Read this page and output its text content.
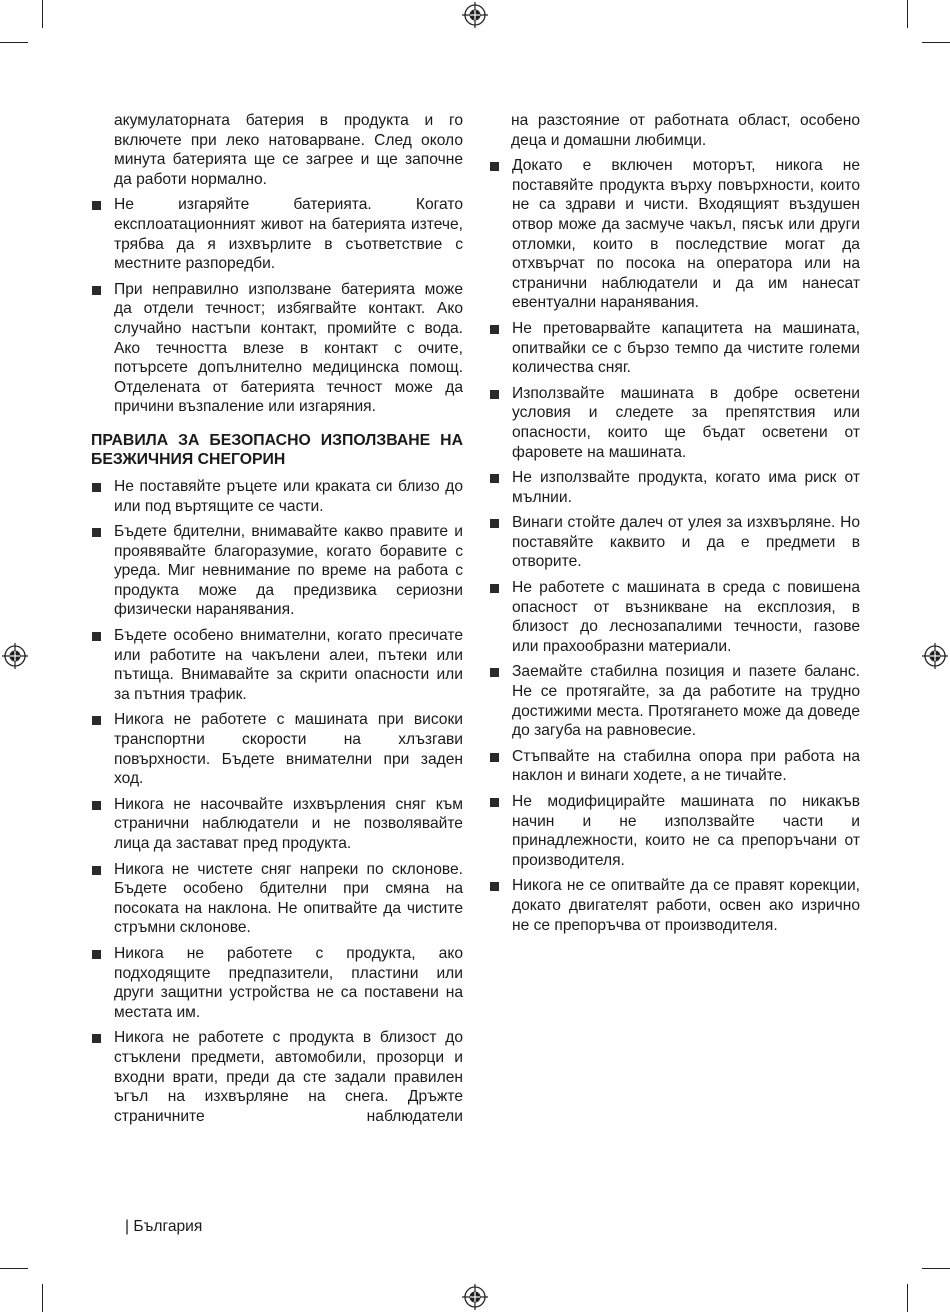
акумулаторната батерия в продукта и го включете при леко натоварване. След около минута батерията ще се загрее и ще започне да работи нормално.
Не изгаряйте батерията. Когато експлоатационният живот на батерията изтече, трябва да я изхвърлите в съответствие с местните разпоредби.
При неправилно използване батерията може да отдели течност; избягвайте контакт. Ако случайно настъпи контакт, промийте с вода. Ако течността влезе в контакт с очите, потърсете допълнително медицинска помощ. Отделената от батерията течност може да причини възпаление или изгаряния.
ПРАВИЛА ЗА БЕЗОПАСНО ИЗПОЛЗВАНЕ НА БЕЗЖИЧНИЯ СНЕГОРИН
Не поставяйте ръцете или краката си близо до или под въртящите се части.
Бъдете бдителни, внимавайте какво правите и проявявайте благоразумие, когато боравите с уреда. Миг невнимание по време на работа с продукта може да предизвика сериозни физически наранявания.
Бъдете особено внимателни, когато пресичате или работите на чакълени алеи, пътеки или пътища. Внимавайте за скрити опасности или за пътния трафик.
Никога не работете с машината при високи транспортни скорости на хлъзгави повърхности. Бъдете внимателни при заден ход.
Никога не насочвайте изхвърления сняг към странични наблюдатели и не позволявайте лица да застават пред продукта.
Никога не чистете сняг напреки по склонове. Бъдете особено бдителни при смяна на посоката на наклона. Не опитвайте да чистите стръмни склонове.
Никога не работете с продукта, ако подходящите предпазители, пластини или други защитни устройства не са поставени на местата им.
Никога не работете с продукта в близост до стъклени предмети, автомобили, прозорци и входни врати, преди да сте задали правилен ъгъл на изхвърляне на снега. Дръжте страничните наблюдатели
на разстояние от работната област, особено деца и домашни любимци.
Докато е включен моторът, никога не поставяйте продукта върху повърхности, които не са здрави и чисти. Входящият въздушен отвор може да засмуче чакъл, пясък или други отломки, които в последствие могат да отхвърчат по посока на оператора или на странични наблюдатели и да им нанесат евентуални наранявания.
Не претоварвайте капацитета на машината, опитвайки се с бързо темпо да чистите големи количества сняг.
Използвайте машината в добре осветени условия и следете за препятствия или опасности, които ще бъдат осветени от фаровете на машината.
Не използвайте продукта, когато има риск от мълнии.
Винаги стойте далеч от улея за изхвърляне. Но поставяйте каквито и да е предмети в отворите.
Не работете с машината в среда с повишена опасност от възникване на експлозия, в близост до леснозапалими течности, газове или прахообразни материали.
Заемайте стабилна позиция и пазете баланс. Не се протягайте, за да работите на трудно достижими места. Протягането може да доведе до загуба на равновесие.
Стъпвайте на стабилна опора при работа на наклон и винаги ходете, а не тичайте.
Не модифицирайте машината по никакъв начин и не използвайте части и принадлежности, които не са препоръчани от производителя.
Никога не се опитвайте да се правят корекции, докато двигателят работи, освен ако изрично не се препоръчва от производителя.
| България
